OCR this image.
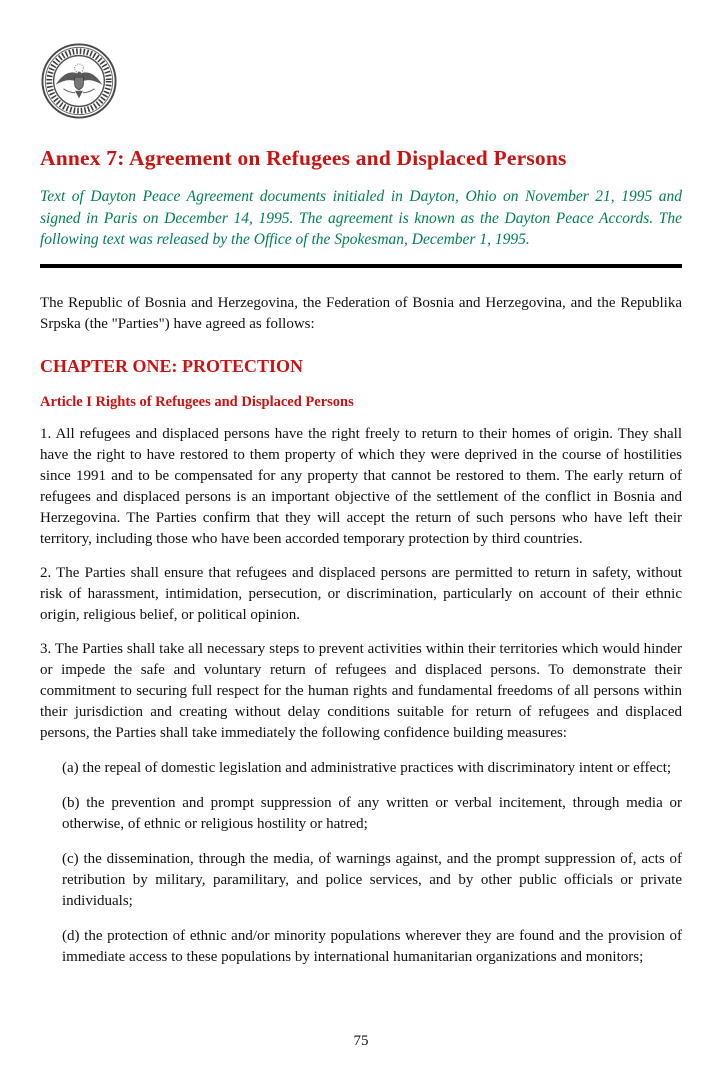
Annex 7: Agreement on Refugees and Displaced Persons

Text of Dayton Peace Agreement documents initialed in Dayton, Ohio on November 21, 1995 and signed in Paris on December 14, 1995. The agreement is known as the Dayton Peace Accords. The following text was released by the Office of the Spokesman, December 1, 1995.

The Republic of Bosnia and Herzegovina, the Federation of Bosnia and Herzegovina, and the Republika Srpska (the "Parties") have agreed as follows:

CHAPTER ONE: PROTECTION
Article I Rights of Refugees and Displaced Persons

1. All refugees and displaced persons have the right freely to return to their homes of origin. They shall have the right to have restored to them property of which they were deprived in the course of hostilities since 1991 and to be compensated for any property that cannot be restored to them. The early return of refugees and displaced persons is an important objective of the settlement of the conflict in Bosnia and Herzegovina. The Parties confirm that they will accept the return of such persons who have left their territory, including those who have been accorded temporary protection by third countries.

2. The Parties shall ensure that refugees and displaced persons are permitted to return in safety, without risk of harassment, intimidation, persecution, or discrimination, particularly on account of their ethnic origin, religious belief, or political opinion.

3. The Parties shall take all necessary steps to prevent activities within their territories which would hinder or impede the safe and voluntary return of refugees and displaced persons. To demonstrate their commitment to securing full respect for the human rights and fundamental freedoms of all persons within their jurisdiction and creating without delay conditions suitable for return of refugees and displaced persons, the Parties shall take immediately the following confidence building measures:

(a) the repeal of domestic legislation and administrative practices with discriminatory intent or effect;

(b) the prevention and prompt suppression of any written or verbal incitement, through media or otherwise, of ethnic or religious hostility or hatred;

(c) the dissemination, through the media, of warnings against, and the prompt suppression of, acts of retribution by military, paramilitary, and police services, and by other public officials or private individuals;

(d) the protection of ethnic and/or minority populations wherever they are found and the provision of immediate access to these populations by international humanitarian organizations and monitors;

75
